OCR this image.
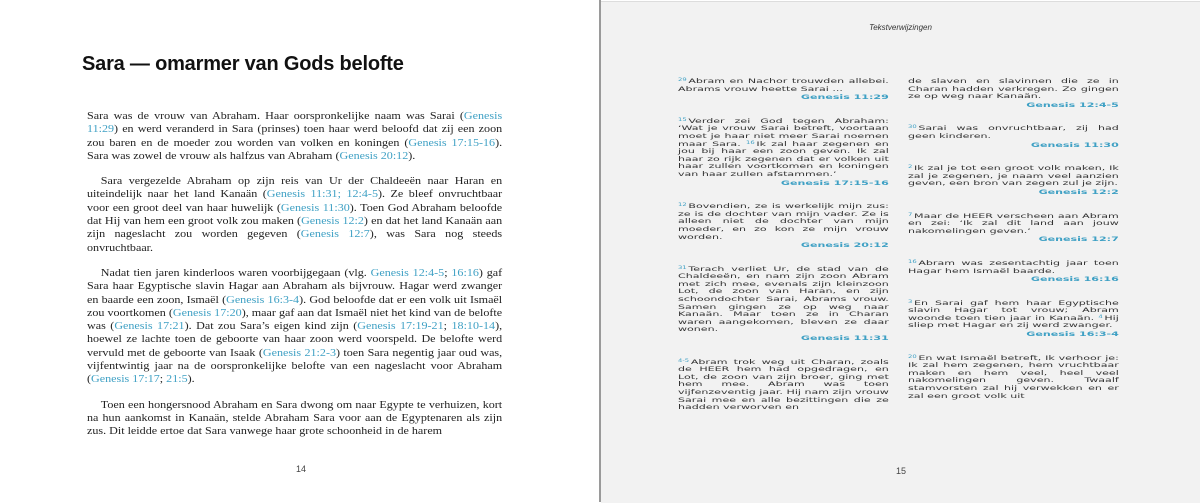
Sara — omarmer van Gods belofte

Sara was de vrouw van Abraham. Haar oorspronkelijke naam was Sarai (Genesis 11:29) en werd veranderd in Sara (prinses) toen haar werd beloofd dat zij een zoon zou baren en de moeder zou worden van volken en koningen (Genesis 17:15-16). Sara was zowel de vrouw als halfzus van Abraham (Genesis 20:12).

Sara vergezelde Abraham op zijn reis van Ur der Chaldeeën naar Haran en uiteindelijk naar het land Kanaän (Genesis 11:31; 12:4-5). Ze bleef onvruchtbaar voor een groot deel van haar huwelijk (Genesis 11:30). Toen God Abraham beloofde dat Hij van hem een groot volk zou maken (Genesis 12:2) en dat het land Kanaän aan zijn nageslacht zou worden gegeven (Genesis 12:7), was Sara nog steeds onvruchtbaar.

Nadat tien jaren kinderloos waren voorbijgegaan (vlg. Genesis 12:4-5; 16:16) gaf Sara haar Egyptische slavin Hagar aan Abraham als bijvrouw. Hagar werd zwanger en baarde een zoon, Ismaël (Genesis 16:3-4). God beloofde dat er een volk uit Ismaël zou voortkomen (Genesis 17:20), maar gaf aan dat Ismaël niet het kind van de belofte was (Genesis 17:21). Dat zou Sara’s eigen kind zijn (Genesis 17:19-21; 18:10-14), hoewel ze lachte toen de geboorte van haar zoon werd voorspeld. De belofte werd vervuld met de geboorte van Isaak (Genesis 21:2-3) toen Sara negentig jaar oud was, vijfentwintig jaar na de oorspronkelijke belofte van een nageslacht voor Abraham (Genesis 17:17; 21:5).

Toen een hongersnood Abraham en Sara dwong om naar Egypte te verhuizen, kort na hun aankomst in Kanaän, stelde Abraham Sara voor aan de Egyptenaren als zijn zus. Dit leidde ertoe dat Sara vanwege haar grote schoonheid in de harem

14
Tekstverwijzingen
$^{29}$ Abram en Nachor trouwden allebei. Abrams vrouw heette Sarai ...
Genesis 11:29
$^{15}$ Verder zei God tegen Abraham: ‘Wat je vrouw Sarai betreft, voortaan moet je haar niet meer Sarai noemen maar Sara. $^{16}$ Ik zal haar zegenen en jou bij haar een zoon geven. Ik zal haar zo rijk zegenen dat er volken uit haar zullen voortkomen en koningen van haar zullen afstammen.’
Genesis 17:15-16
$^{12}$ Bovendien, ze is werkelijk mijn zus: ze is de dochter van mijn vader. Ze is alleen niet de dochter van mijn moeder, en zo kon ze mijn vrouw worden.
Genesis 20:12
$^{31}$ Terach verliet Ur, de stad van de Chaldeeën, en nam zijn zoon Abram met zich mee, evenals zijn kleinzoon Lot, de zoon van Haran, en zijn schoondochter Sarai, Abrams vrouw. Samen gingen ze op weg naar Kanaän. Maar toen ze in Charan waren aangekomen, bleven ze daar wonen.
Genesis 11:31
$^{4-5}$ Abram trok weg uit Charan, zoals de HEER hem had opgedragen, en Lot, de zoon van zijn broer, ging met hem mee. Abram was toen vijfenzeventig jaar. Hij nam zijn vrouw Sarai mee en alle bezittingen die ze hadden verworven en
de slaven en slavinnen die ze in Charan hadden verkregen. Zo gingen ze op weg naar Kanaän.
Genesis 12:4-5
$^{30}$ Sarai was onvruchtbaar, zij had geen kinderen.
Genesis 11:30
$^2$ Ik zal je tot een groot volk maken, Ik zal je zegenen, je naam veel aanzien geven, een bron van zegen zul je zijn.
Genesis 12:2
$^7$ Maar de HEER verscheen aan Abram en zei: ‘Ik zal dit land aan jouw nakomelingen geven.’
Genesis 12:7
$^{16}$ Abram was zesentachtig jaar toen Hagar hem Ismaël baarde.
Genesis 16:16
$^3$ En Sarai gaf hem haar Egyptische slavin Hagar tot vrouw; Abram woonde toen tien jaar in Kanaän. $^4$ Hij sliep met Hagar en zij werd zwanger.
Genesis 16:3-4
$^{20}$ En wat Ismaël betreft, Ik verhoor je: Ik zal hem zegenen, hem vruchtbaar maken en hem veel, heel veel nakomelingen geven. Twaalf stamvorsten zal hij verwekken en er zal een groot volk uit
15
